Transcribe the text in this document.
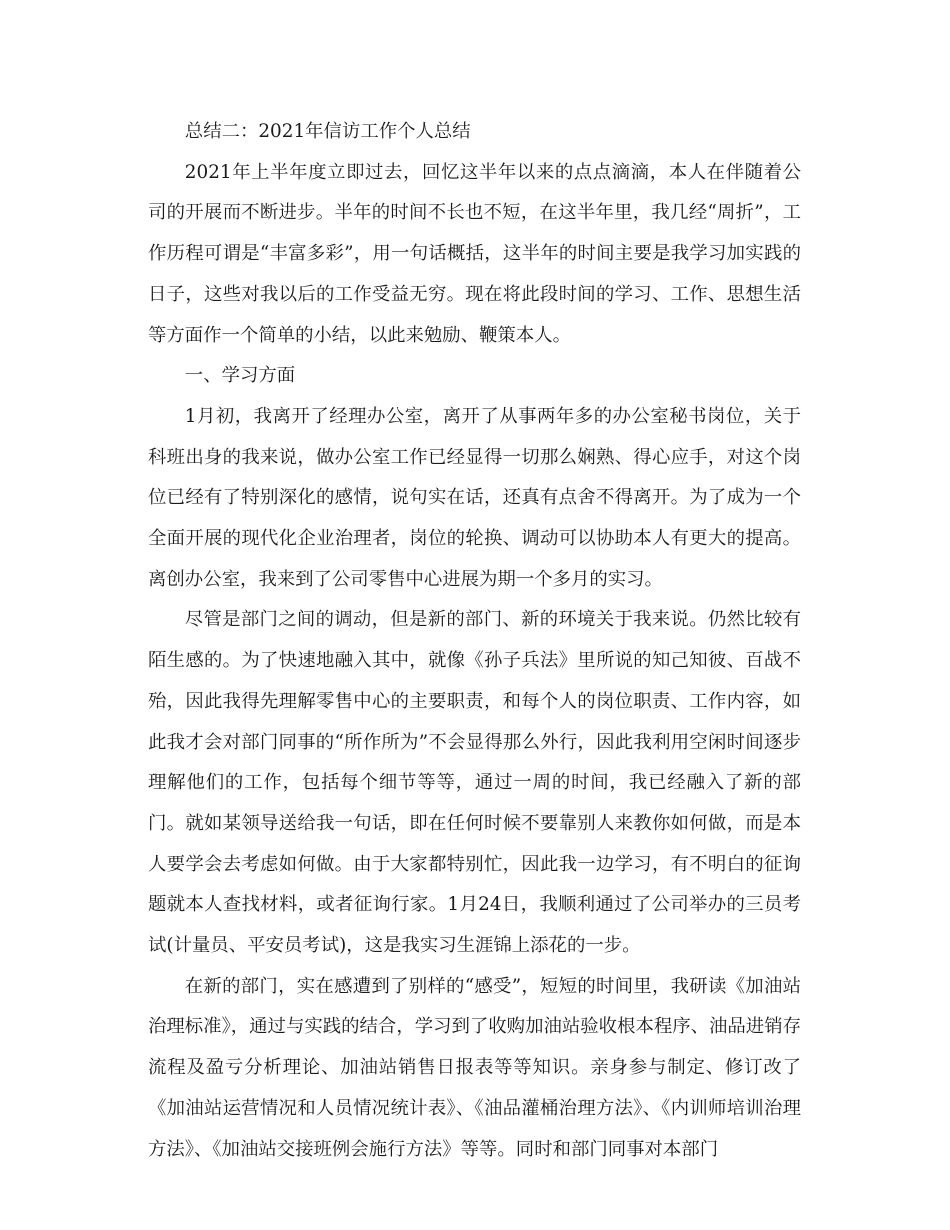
总结二：2021年信访工作个人总结

2021年上半年度立即过去，回忆这半年以来的点点滴滴，本人在伴随着公司的开展而不断进步。半年的时间不长也不短，在这半年里，我几经“周折”，工作历程可谓是“丰富多彩”，用一句话概括，这半年的时间主要是我学习加实践的日子，这些对我以后的工作受益无穷。现在将此段时间的学习、工作、思想生活等方面作一个简单的小结，以此来勉励、鞭策本人。

一、学习方面

1月初，我离开了经理办公室，离开了从事两年多的办公室秘书岗位，关于科班出身的我来说，做办公室工作已经显得一切那么娴熟、得心应手，对这个岗位已经有了特别深化的感情，说句实在话，还真有点舍不得离开。为了成为一个全面开展的现代化企业治理者，岗位的轮换、调动可以协助本人有更大的提高。离创办公室，我来到了公司零售中心进展为期一个多月的实习。

尽管是部门之间的调动，但是新的部门、新的环境关于我来说。仍然比较有陌生感的。为了快速地融入其中，就像《孙子兵法》里所说的知己知彼、百战不殆，因此我得先理解零售中心的主要职责，和每个人的岗位职责、工作内容，如此我才会对部门同事的“所作所为”不会显得那么外行，因此我利用空闲时间逐步理解他们的工作，包括每个细节等等，通过一周的时间，我已经融入了新的部门。就如某领导送给我一句话，即在任何时候不要靠别人来教你如何做，而是本人要学会去考虑如何做。由于大家都特别忙，因此我一边学习，有不明白的征询题就本人查找材料，或者征询行家。1月24日，我顺利通过了公司举办的三员考试(计量员、平安员考试)，这是我实习生涯锦上添花的一步。

在新的部门，实在感遭到了别样的“感受”，短短的时间里，我研读《加油站治理标准》，通过与实践的结合，学习到了收购加油站验收根本程序、油品进销存流程及盈亏分析理论、加油站销售日报表等等知识。亲身参与制定、修订改了《加油站运营情况和人员情况统计表》、《油品灌桶治理方法》、《内训师培训治理方法》、《加油站交接班例会施行方法》等等。同时和部门同事对本部门
